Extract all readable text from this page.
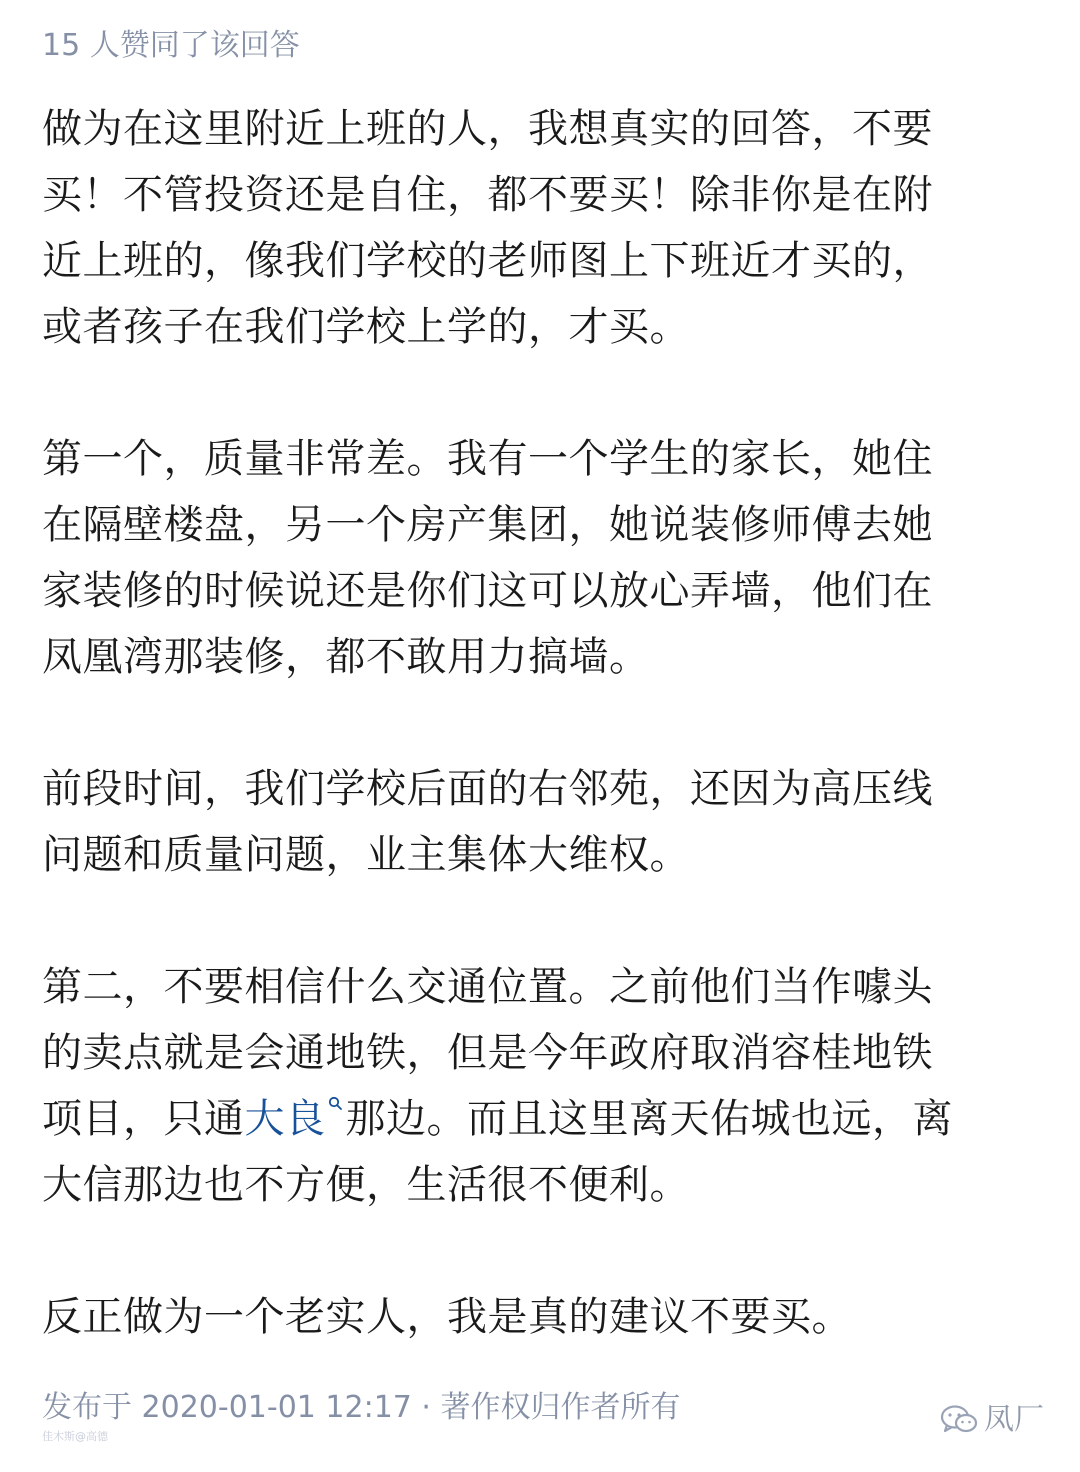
15 人赞同了该回答

做为在这里附近上班的人，我想真实的回答，不要
买！不管投资还是自住，都不要买！除非你是在附
近上班的，像我们学校的老师图上下班近才买的，
或者孩子在我们学校上学的，才买。

第一个，质量非常差。我有一个学生的家长，她住
在隔壁楼盘，另一个房产集团，她说装修师傅去她
家装修的时候说还是你们这可以放心弄墙，他们在
凤凰湾那装修，都不敢用力搞墙。

前段时间，我们学校后面的右邻苑，还因为高压线
问题和质量问题，业主集体大维权。

第二，不要相信什么交通位置。之前他们当作噱头
的卖点就是会通地铁，但是今年政府取消容桂地铁
项目，只通大良 那边。而且这里离天佑城也远，离
大信那边也不方便，生活很不便利。

反正做为一个老实人，我是真的建议不要买。

发布于 2020-01-01 12:17 · 著作权归作者所有
佳木斯@高德	凤厂
